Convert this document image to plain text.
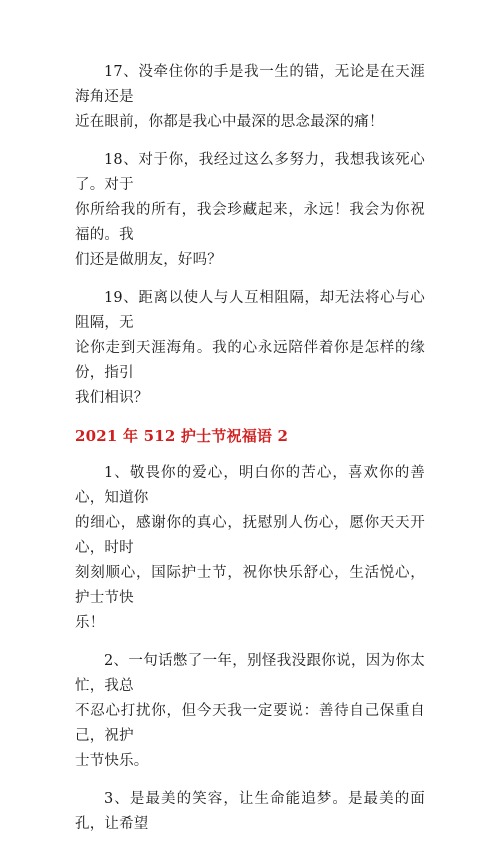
17、没牵住你的手是我一生的错，无论是在天涯海角还是
近在眼前，你都是我心中最深的思念最深的痛！
18、对于你，我经过这么多努力，我想我该死心了。对于
你所给我的所有，我会珍藏起来，永远！我会为你祝福的。我
们还是做朋友，好吗？
19、距离以使人与人互相阻隔，却无法将心与心阻隔，无
论你走到天涯海角。我的心永远陪伴着你是怎样的缘份，指引
我们相识？
2021 年 512 护士节祝福语 2
1、敬畏你的爱心，明白你的苦心，喜欢你的善心，知道你
的细心，感谢你的真心，抚慰别人伤心，愿你天天开心，时时
刻刻顺心，国际护士节，祝你快乐舒心，生活悦心，护士节快
乐！
2、一句话憋了一年，别怪我没跟你说，因为你太忙，我总
不忍心打扰你，但今天我一定要说：善待自己保重自己，祝护
士节快乐。
3、是最美的笑容，让生命能追梦。是最美的面孔，让希望
